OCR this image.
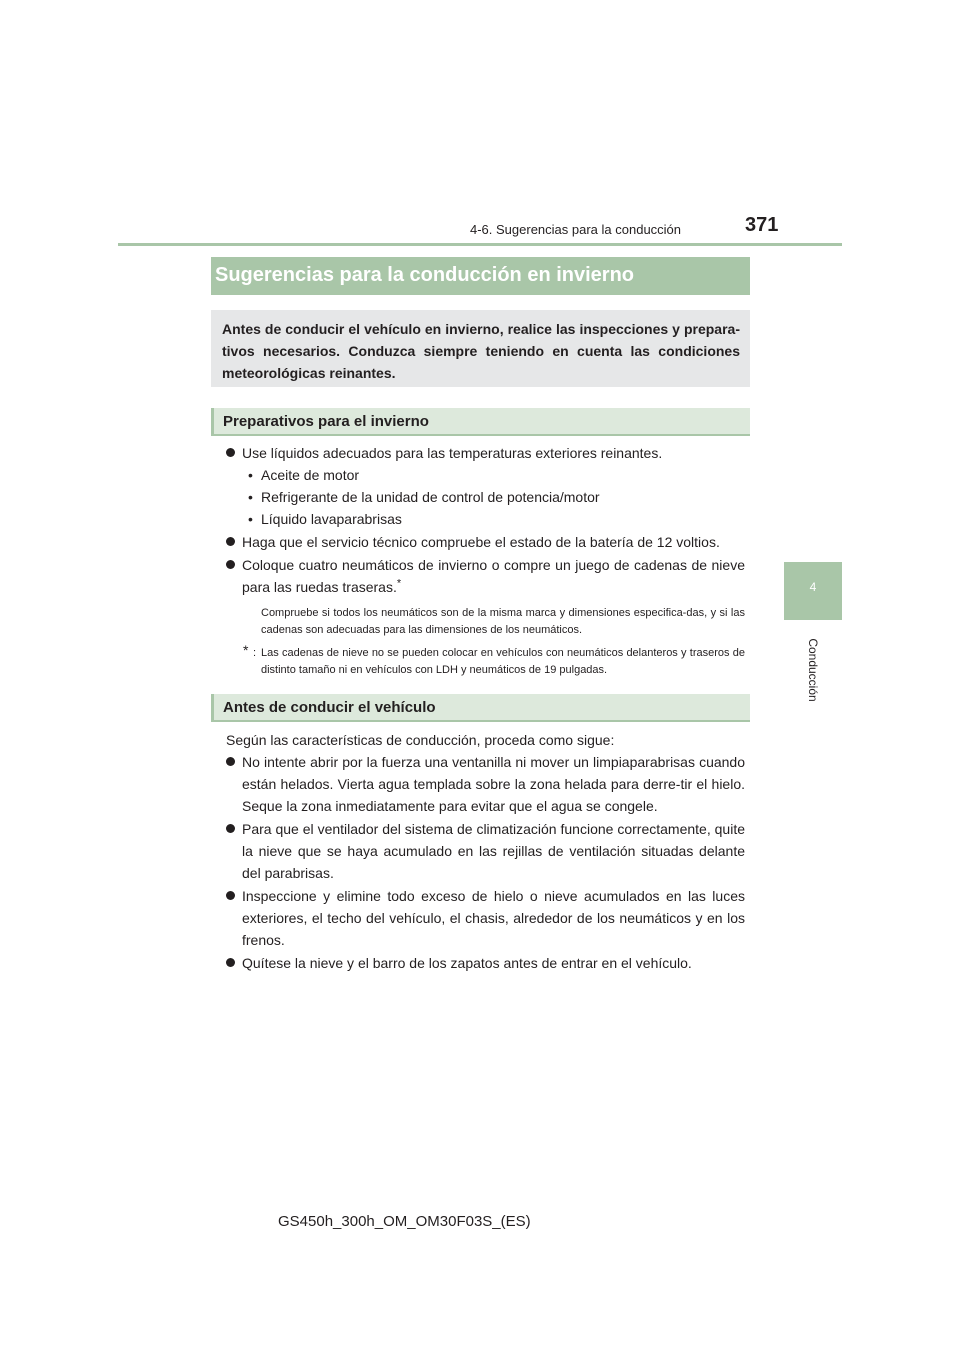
4-6. Sugerencias para la conducción	371
4
Conducción
Sugerencias para la conducción en invierno

Antes de conducir el vehículo en invierno, realice las inspecciones y prepara-tivos necesarios. Conduzca siempre teniendo en cuenta las condiciones meteorológicas reinantes.

Preparativos para el invierno
Use líquidos adecuados para las temperaturas exteriores reinantes.
• Aceite de motor
• Refrigerante de la unidad de control de potencia/motor
• Líquido lavaparabrisas
Haga que el servicio técnico compruebe el estado de la batería de 12 voltios.
Coloque cuatro neumáticos de invierno o compre un juego de cadenas de nieve para las ruedas traseras.*
Compruebe si todos los neumáticos son de la misma marca y dimensiones especifica-das, y si las cadenas son adecuadas para las dimensiones de los neumáticos.
* : Las cadenas de nieve no se pueden colocar en vehículos con neumáticos delanteros y traseros de distinto tamaño ni en vehículos con LDH y neumáticos de 19 pulgadas.
Antes de conducir el vehículo
Según las características de conducción, proceda como sigue:
No intente abrir por la fuerza una ventanilla ni mover un limpiaparabrisas cuando están helados. Vierta agua templada sobre la zona helada para derre-tir el hielo. Seque la zona inmediatamente para evitar que el agua se congele.
Para que el ventilador del sistema de climatización funcione correctamente, quite la nieve que se haya acumulado en las rejillas de ventilación situadas delante del parabrisas.
Inspeccione y elimine todo exceso de hielo o nieve acumulados en las luces exteriores, el techo del vehículo, el chasis, alrededor de los neumáticos y en los frenos.
Quítese la nieve y el barro de los zapatos antes de entrar en el vehículo.
GS450h_300h_OM_OM30F03S_(ES)
